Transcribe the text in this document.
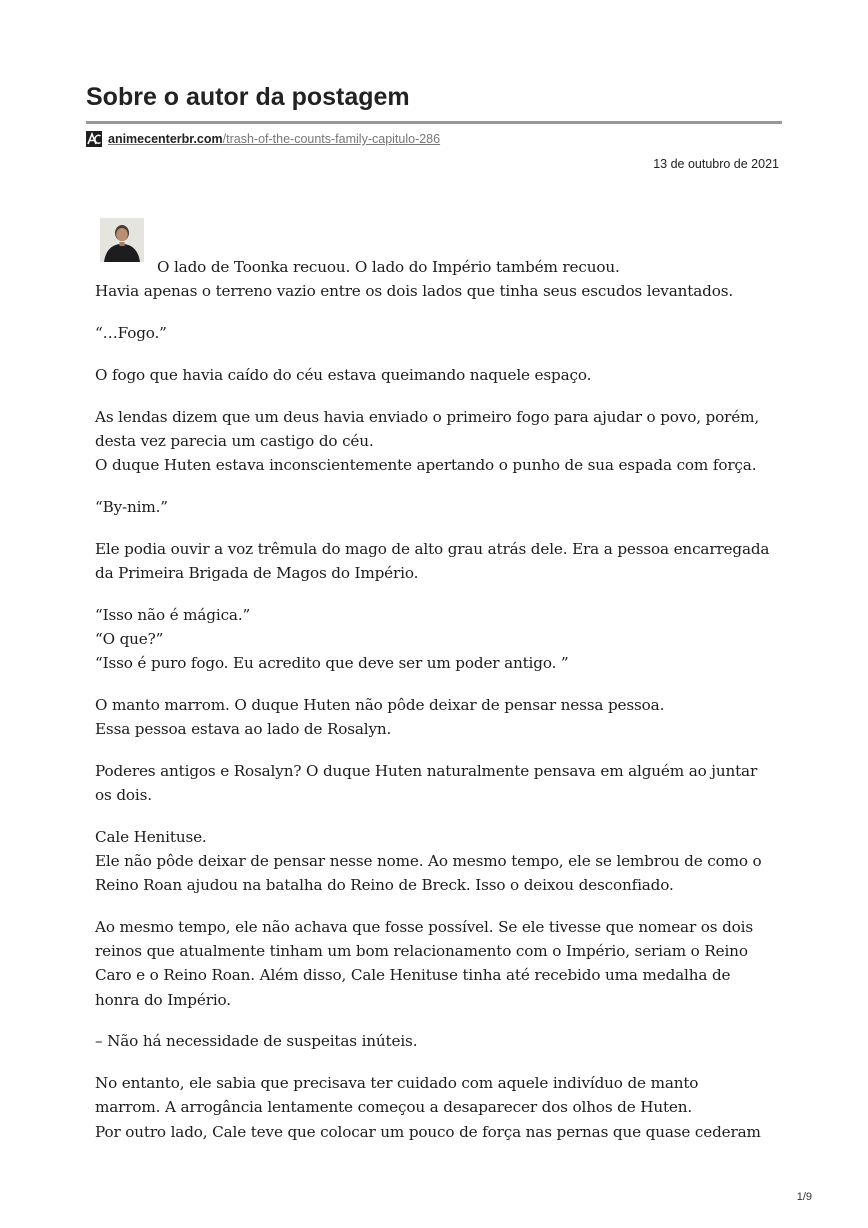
Sobre o autor da postagem
animecenterbr.com/trash-of-the-counts-family-capitulo-286
13 de outubro de 2021

O lado de Toonka recuou. O lado do Império também recuou.
Havia apenas o terreno vazio entre os dois lados que tinha seus escudos levantados.

“…Fogo.”

O fogo que havia caído do céu estava queimando naquele espaço.

As lendas dizem que um deus havia enviado o primeiro fogo para ajudar o povo, porém,
desta vez parecia um castigo do céu.
O duque Huten estava inconscientemente apertando o punho de sua espada com força.

“By-nim.”

Ele podia ouvir a voz trêmula do mago de alto grau atrás dele. Era a pessoa encarregada
da Primeira Brigada de Magos do Império.

“Isso não é mágica.”
“O que?”
“Isso é puro fogo. Eu acredito que deve ser um poder antigo. ”

O manto marrom. O duque Huten não pôde deixar de pensar nessa pessoa.
Essa pessoa estava ao lado de Rosalyn.

Poderes antigos e Rosalyn? O duque Huten naturalmente pensava em alguém ao juntar
os dois.

Cale Henituse.
Ele não pôde deixar de pensar nesse nome. Ao mesmo tempo, ele se lembrou de como o
Reino Roan ajudou na batalha do Reino de Breck. Isso o deixou desconfiado.

Ao mesmo tempo, ele não achava que fosse possível. Se ele tivesse que nomear os dois
reinos que atualmente tinham um bom relacionamento com o Império, seriam o Reino
Caro e o Reino Roan. Além disso, Cale Henituse tinha até recebido uma medalha de
honra do Império.

– Não há necessidade de suspeitas inúteis.

No entanto, ele sabia que precisava ter cuidado com aquele indivíduo de manto
marrom. A arrogância lentamente começou a desaparecer dos olhos de Huten.
Por outro lado, Cale teve que colocar um pouco de força nas pernas que quase cederam

1/9
